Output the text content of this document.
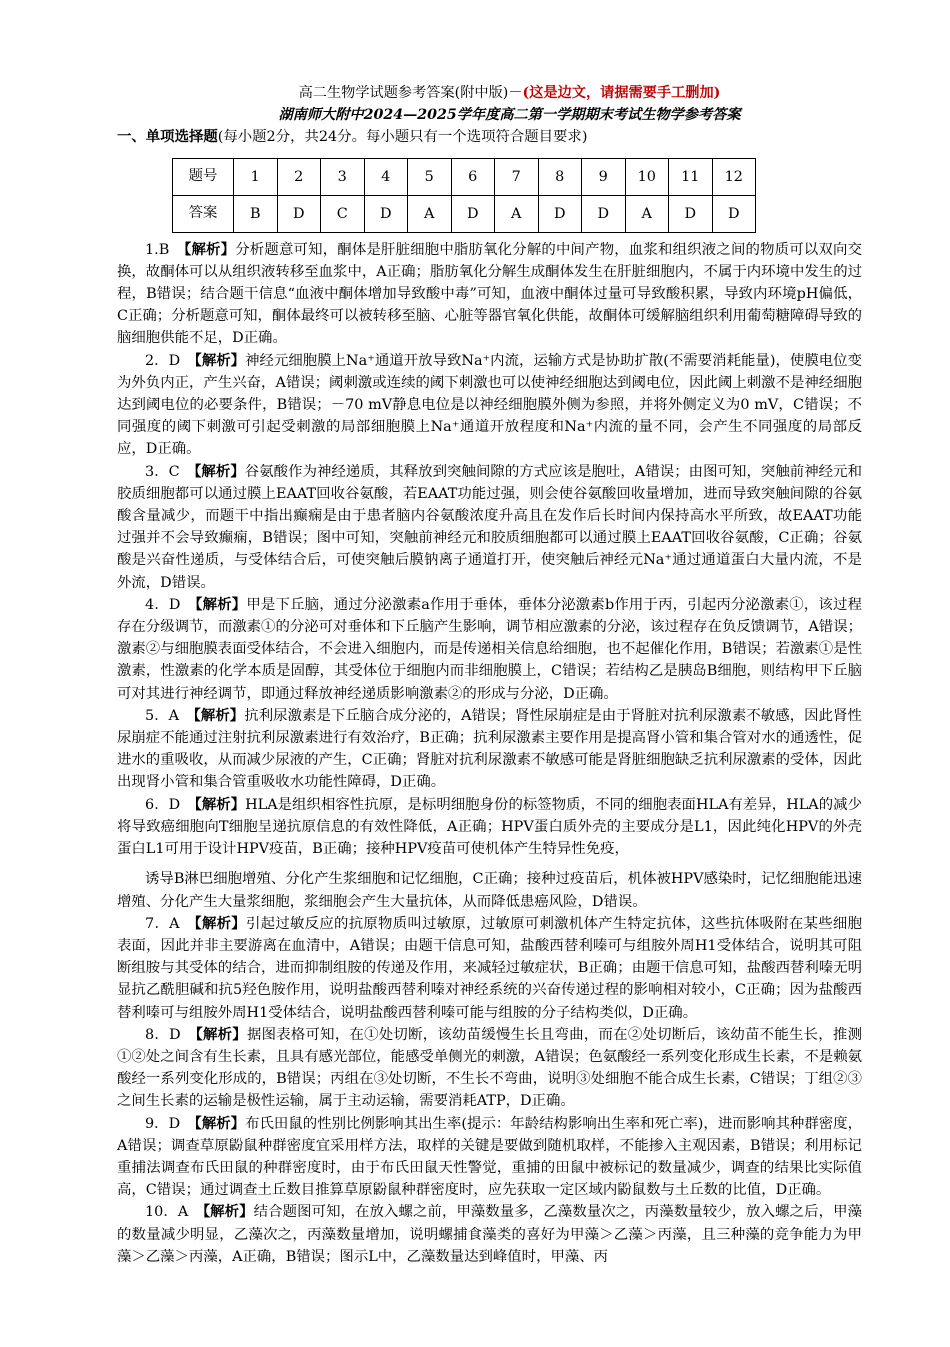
高二生物学试题参考答案(附中版)－(这是边文，请据需要手工删加)
湖南师大附中2024—2025学年度高二第一学期期末考试生物学参考答案
一、单项选择题(每小题2分，共24分。每小题只有一个选项符合题目要求)
题号	1	2	3	4	5	6	7	8	9	10	11	12
答案	B	D	C	D	A	D	A	D	D	A	D	D

1.B　 【解析】分析题意可知，酮体是肝脏细胞中脂肪氧化分解的中间产物，血浆和组织液之间的物质可以双向交换，故酮体可以从组织液转移至血浆中，A正确；脂肪氧化分解生成酮体发生在肝脏细胞内，不属于内环境中发生的过程，B错误；结合题干信息“血液中酮体增加导致酸中毒”可知，血液中酮体过量可导致酸积累，导致内环境pH偏低，C正确；分析题意可知，酮体最终可以被转移至脑、心脏等器官氧化供能，故酮体可缓解脑组织利用葡萄糖障碍导致的脑细胞供能不足，D正确。

2．D　 【解析】神经元细胞膜上Na⁺通道开放导致Na⁺内流，运输方式是协助扩散(不需要消耗能量)，使膜电位变为外负内正，产生兴奋，A错误；阈刺激或连续的阈下刺激也可以使神经细胞达到阈电位，因此阈上刺激不是神经细胞达到阈电位的必要条件，B错误；－70 mV静息电位是以神经细胞膜外侧为参照，并将外侧定义为0 mV，C错误；不同强度的阈下刺激可引起受刺激的局部细胞膜上Na⁺通道开放程度和Na⁺内流的量不同，会产生不同强度的局部反应，D正确。

3．C　 【解析】谷氨酸作为神经递质，其释放到突触间隙的方式应该是胞吐，A错误；由图可知，突触前神经元和胶质细胞都可以通过膜上EAAT回收谷氨酸，若EAAT功能过强，则会使谷氨酸回收量增加，进而导致突触间隙的谷氨酸含量减少，而题干中指出癫痫是由于患者脑内谷氨酸浓度升高且在发作后长时间内保持高水平所致，故EAAT功能过强并不会导致癫痫，B错误；图中可知，突触前神经元和胶质细胞都可以通过膜上EAAT回收谷氨酸，C正确；谷氨酸是兴奋性递质，与受体结合后，可使突触后膜钠离子通道打开，使突触后神经元Na⁺通过通道蛋白大量内流，不是外流，D错误。

4．D　 【解析】甲是下丘脑，通过分泌激素a作用于垂体，垂体分泌激素b作用于丙，引起丙分泌激素①，该过程存在分级调节，而激素①的分泌可对垂体和下丘脑产生影响，调节相应激素的分泌，该过程存在负反馈调节，A错误；激素②与细胞膜表面受体结合，不会进入细胞内，而是传递相关信息给细胞，也不起催化作用，B错误；若激素①是性激素，性激素的化学本质是固醇，其受体位于细胞内而非细胞膜上，C错误；若结构乙是胰岛B细胞，则结构甲下丘脑可对其进行神经调节，即通过释放神经递质影响激素②的形成与分泌，D正确。

5．A　 【解析】抗利尿激素是下丘脑合成分泌的，A错误；肾性尿崩症是由于肾脏对抗利尿激素不敏感，因此肾性尿崩症不能通过注射抗利尿激素进行有效治疗，B正确；抗利尿激素主要作用是提高肾小管和集合管对水的通透性，促进水的重吸收，从而减少尿液的产生，C正确；肾脏对抗利尿激素不敏感可能是肾脏细胞缺乏抗利尿激素的受体，因此出现肾小管和集合管重吸收水功能性障碍，D正确。

6．D　 【解析】HLA是组织相容性抗原，是标明细胞身份的标签物质，不同的细胞表面HLA有差异，HLA的减少将导致癌细胞向T细胞呈递抗原信息的有效性降低，A正确；HPV蛋白质外壳的主要成分是L1，因此纯化HPV的外壳蛋白L1可用于设计HPV疫苗，B正确；接种HPV疫苗可使机体产生特异性免疫，

诱导B淋巴细胞增殖、分化产生浆细胞和记忆细胞，C正确；接种过疫苗后，机体被HPV感染时，记忆细胞能迅速增殖、分化产生大量浆细胞，浆细胞会产生大量抗体，从而降低患癌风险，D错误。

7．A　 【解析】引起过敏反应的抗原物质叫过敏原，过敏原可刺激机体产生特定抗体，这些抗体吸附在某些细胞表面，因此并非主要游离在血清中，A错误；由题干信息可知，盐酸西替利嗪可与组胺外周H1受体结合，说明其可阻断组胺与其受体的结合，进而抑制组胺的传递及作用，来减轻过敏症状，B正确；由题干信息可知，盐酸西替利嗪无明显抗乙酰胆碱和抗5羟色胺作用，说明盐酸西替利嗪对神经系统的兴奋传递过程的影响相对较小，C正确；因为盐酸西替利嗪可与组胺外周H1受体结合，说明盐酸西替利嗪可能与组胺的分子结构类似，D正确。

8．D　 【解析】据图表格可知，在①处切断，该幼苗缓慢生长且弯曲，而在②处切断后，该幼苗不能生长，推测①②处之间含有生长素，且具有感光部位，能感受单侧光的刺激，A错误；色氨酸经一系列变化形成生长素，不是赖氨酸经一系列变化形成的，B错误；丙组在③处切断，不生长不弯曲，说明③处细胞不能合成生长素，C错误；丁组②③之间生长素的运输是极性运输，属于主动运输，需要消耗ATP，D正确。

9．D　 【解析】布氏田鼠的性别比例影响其出生率(提示：年龄结构影响出生率和死亡率)，进而影响其种群密度，A错误；调查草原鼢鼠种群密度宜采用样方法，取样的关键是要做到随机取样，不能掺入主观因素，B错误；利用标记重捕法调查布氏田鼠的种群密度时，由于布氏田鼠天性警觉，重捕的田鼠中被标记的数量减少，调查的结果比实际值高，C错误；通过调查土丘数目推算草原鼢鼠种群密度时，应先获取一定区域内鼢鼠数与土丘数的比值，D正确。

10．A　 【解析】结合题图可知，在放入螺之前，甲藻数量多，乙藻数量次之，丙藻数量较少，放入螺之后，甲藻的数量减少明显，乙藻次之，丙藻数量增加，说明螺捕食藻类的喜好为甲藻＞乙藻＞丙藻，且三种藻的竞争能力为甲藻＞乙藻＞丙藻，A正确，B错误；图示L中，乙藻数量达到峰值时，甲藻、丙
